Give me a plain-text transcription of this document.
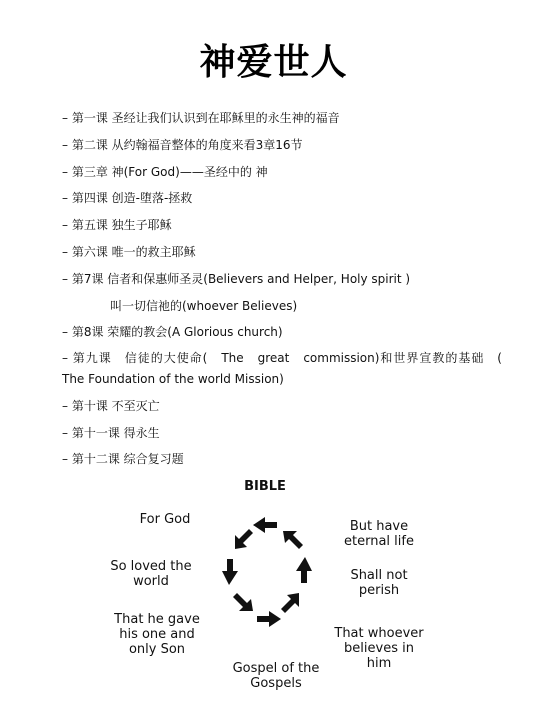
神爱世人
– 第一课 圣经让我们认识到在耶稣里的永生神的福音
– 第二课 从约翰福音整体的角度来看3章16节
– 第三章 神(For God)——圣经中的 神
– 第四课 创造-堕落-拯救
– 第五课 独生子耶稣
– 第六课 唯一的救主耶稣
– 第7课 信者和保惠师圣灵(Believers and Helper, Holy spirit )
叫一切信祂的(whoever Believes)
– 第8课 荣耀的教会(A Glorious church)
– 第九课　信徒的大使命(　The　great　commission)和世界宣教的基础　(　The Foundation of the world Mission)
– 第十课 不至灭亡
– 第十一课 得永生
– 第十二课 综合复习题
BIBLE
For God
So loved the
world
That he gave
his one and
only Son
Gospel of the
Gospels
That whoever
believes in
him
Shall not
perish
But have
eternal life
